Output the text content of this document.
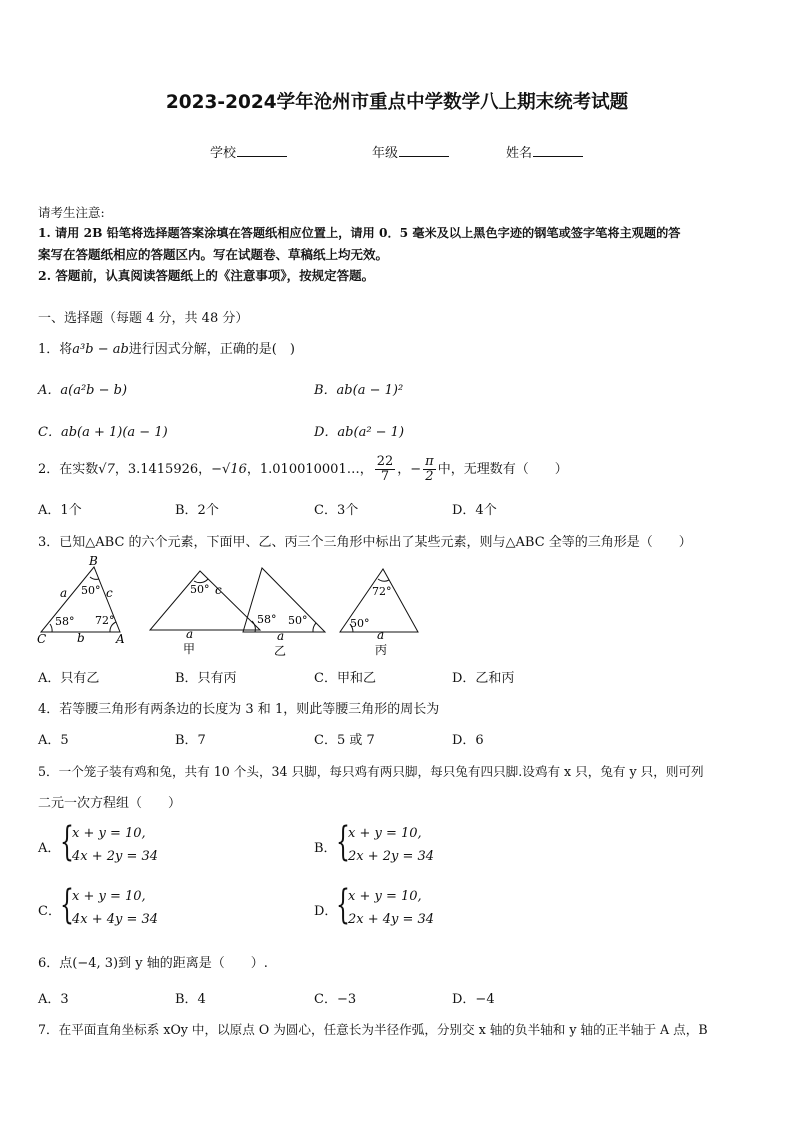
2023-2024学年沧州市重点中学数学八上期末统考试题
学校	年级	姓名
请考生注意:
1. 请用 2B 铅笔将选择题答案涂填在答题纸相应位置上，请用 0．5 毫米及以上黑色字迹的钢笔或签字笔将主观题的答
案写在答题纸相应的答题区内。写在试题卷、草稿纸上均无效。
2. 答题前，认真阅读答题纸上的《注意事项》，按规定答题。
一、选择题（每题 4 分，共 48 分）
1．将a³b − ab进行因式分解，正确的是(　)
A．a(a²b − b)	B．ab(a − 1)²
C．ab(a + 1)(a − 1)	D．ab(a² − 1)
2．在实数√7，3.1415926，−√16，1.010010001…， $\frac{22}{7}$ ，− $\frac{\pi}{2}$ 中，无理数有（　　）
A．1个	B．2个	C．3个	D．4个
3．已知△ABC 的六个元素，下面甲、乙、丙三个三角形中标出了某些元素，则与△ABC 全等的三角形是（　　）
B
C	A
a	c
b
50°
72°
58°
50° c
a
甲
58° 50°
a
乙
72°
50°
a
丙
A．只有乙	B．只有丙	C．甲和乙	D．乙和丙
4．若等腰三角形有两条边的长度为 3 和 1，则此等腰三角形的周长为
A．5	B．7	C．5 或 7	D．6
5．一个笼子装有鸡和兔，共有 10 个头，34 只脚，每只鸡有两只脚，每只兔有四只脚.设鸡有 x 只，兔有 y 只，则可列
二元一次方程组（　　）
A． {
x + y = 10,
4x + 2y = 34
B． {
x + y = 10,
2x + 2y = 34
C． {
x + y = 10,
4x + 4y = 34
D．
{
x + y = 10,
2x + 4y = 34
6．点(−4, 3)到 y 轴的距离是（　　）.
A．3	B．4	C．−3	D．−4
7．在平面直角坐标系 xOy 中，以原点 O 为圆心，任意长为半径作弧，分别交 x 轴的负半轴和 y 轴的正半轴于 A 点，B
